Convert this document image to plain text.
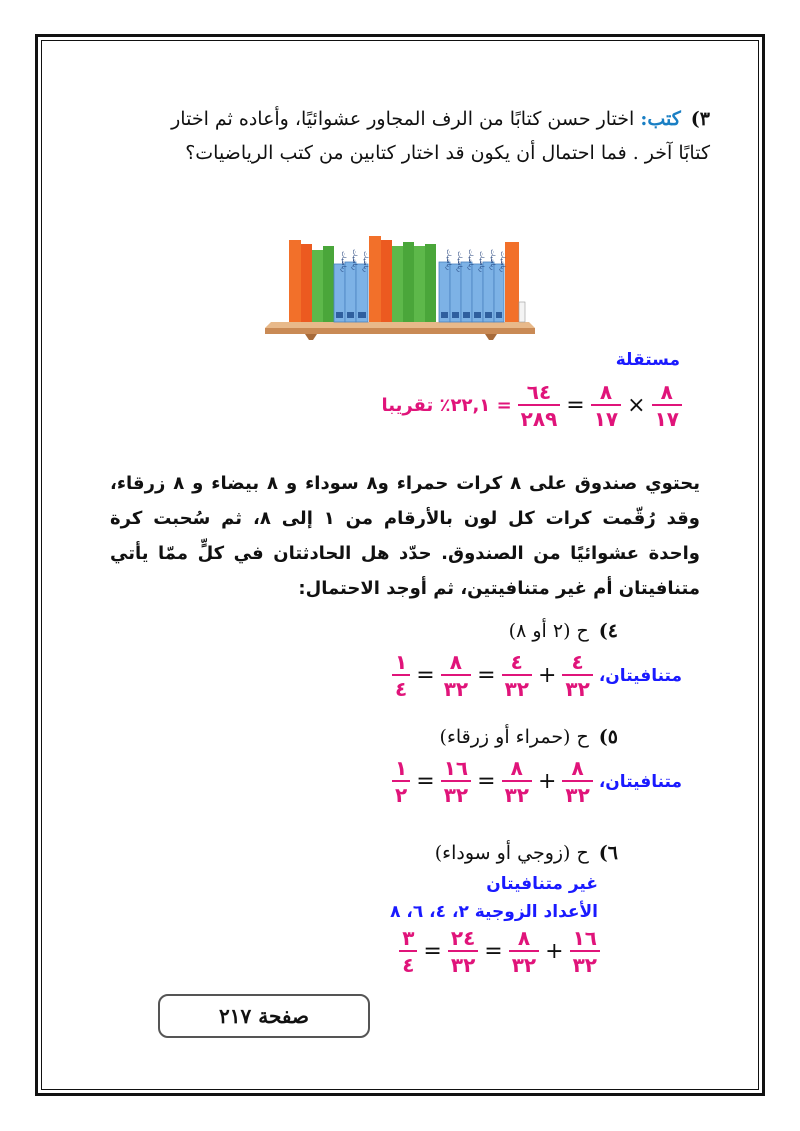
٣)كتب:اختار حسن كتابًا من الرف المجاور عشوائيًا، وأعاده ثم اختار كتابًا آخر . فما احتمال أن يكون قد اختار كتابين من كتب الرياضيات؟
رياضيات رياضيات رياضيات	رياضيات رياضيات رياضيات رياضيات رياضيات رياضيات
مستقلة
$\frac{٨}{١٧}$
×
$\frac{٨}{١٧}$
=
$\frac{٦٤}{٢٨٩}$
= ٢٢,١٪ تقريبا
يحتوي صندوق على ٨ كرات حمراء و٨ سوداء و ٨ بيضاء و ٨ زرقاء، وقد رُقّمت كرات كل لون بالأرقام من ١ إلى ٨، ثم سُحبت كرة واحدة عشوائيًا من الصندوق. حدّد هل الحادثتان في كلٍّ ممّا يأتي متنافيتان أم غير متنافيتين، ثم أوجد الاحتمال:
٤)ح (٢ أو ٨)
متنافيتان،
$\frac{٤}{٣٢}$
+
$\frac{٤}{٣٢}$
=
$\frac{٨}{٣٢}$
=
$\frac{١}{٤}$
٥)ح (حمراء أو زرقاء)
متنافيتان،
$\frac{٨}{٣٢}$
+
$\frac{٨}{٣٢}$
=
$\frac{١٦}{٣٢}$
=
$\frac{١}{٢}$
٦)ح (زوجي أو سوداء)
غير متنافيتان
الأعداد الزوجية ٢، ٤، ٦، ٨
$\frac{١٦}{٣٢}$
+
$\frac{٨}{٣٢}$
=
$\frac{٢٤}{٣٢}$
=
$\frac{٣}{٤}$
صفحة ٢١٧
